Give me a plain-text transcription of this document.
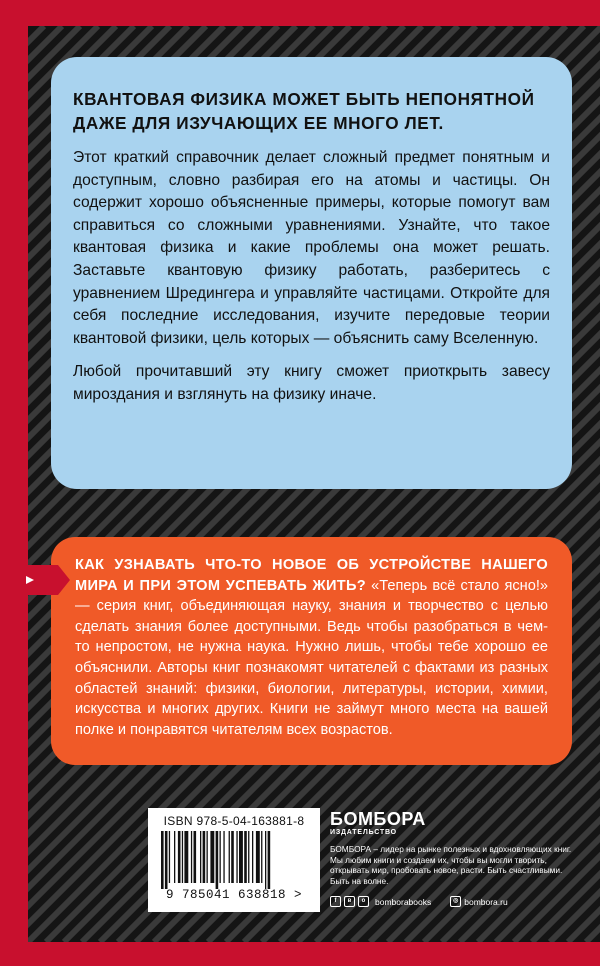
КВАНТОВАЯ ФИЗИКА МОЖЕТ БЫТЬ НЕПОНЯТНОЙ ДАЖЕ ДЛЯ ИЗУЧАЮЩИХ ЕЕ МНОГО ЛЕТ.

Этот краткий справочник делает сложный предмет понятным и доступным, словно разбирая его на атомы и частицы. Он содержит хорошо объясненные примеры, которые помогут вам справиться со сложными уравнениями. Узнайте, что такое квантовая физика и какие проблемы она может решать. Заставьте квантовую физику работать, разберитесь с уравнением Шредингера и управляйте частицами. Откройте для себя последние исследования, изучите передовые теории квантовой физики, цель которых — объяснить саму Вселенную.

Любой прочитавший эту книгу сможет приоткрыть завесу мироздания и взглянуть на физику иначе.

КАК УЗНАВАТЬ ЧТО-ТО НОВОЕ ОБ УСТРОЙСТВЕ НАШЕГО МИРА И ПРИ ЭТОМ УСПЕВАТЬ ЖИТЬ? «Теперь всё стало ясно!» — серия книг, объединяющая науку, знания и творчество с целью сделать знания более доступными. Ведь чтобы разобраться в чем-то непростом, не нужна наука. Нужно лишь, чтобы тебе хорошо ее объяснили. Авторы книг познакомят читателей с фактами из разных областей знаний: физики, биологии, литературы, истории, химии, искусства и многих других. Книги не займут много места на вашей полке и понравятся читателям всех возрастов.
ISBN 978-5-04-163881-8
9 785041 638818 >
БОМБОРА
ИЗДАТЕЛЬСТВО
БОМБОРА – лидер на рынке полезных и вдохновляющих книг. Мы любим книги и создаем их, чтобы вы могли творить, открывать мир, пробовать новое, расти. Быть счастливыми. Быть на волне.
f	в	о	bomborabooks	◎ bombora.ru
